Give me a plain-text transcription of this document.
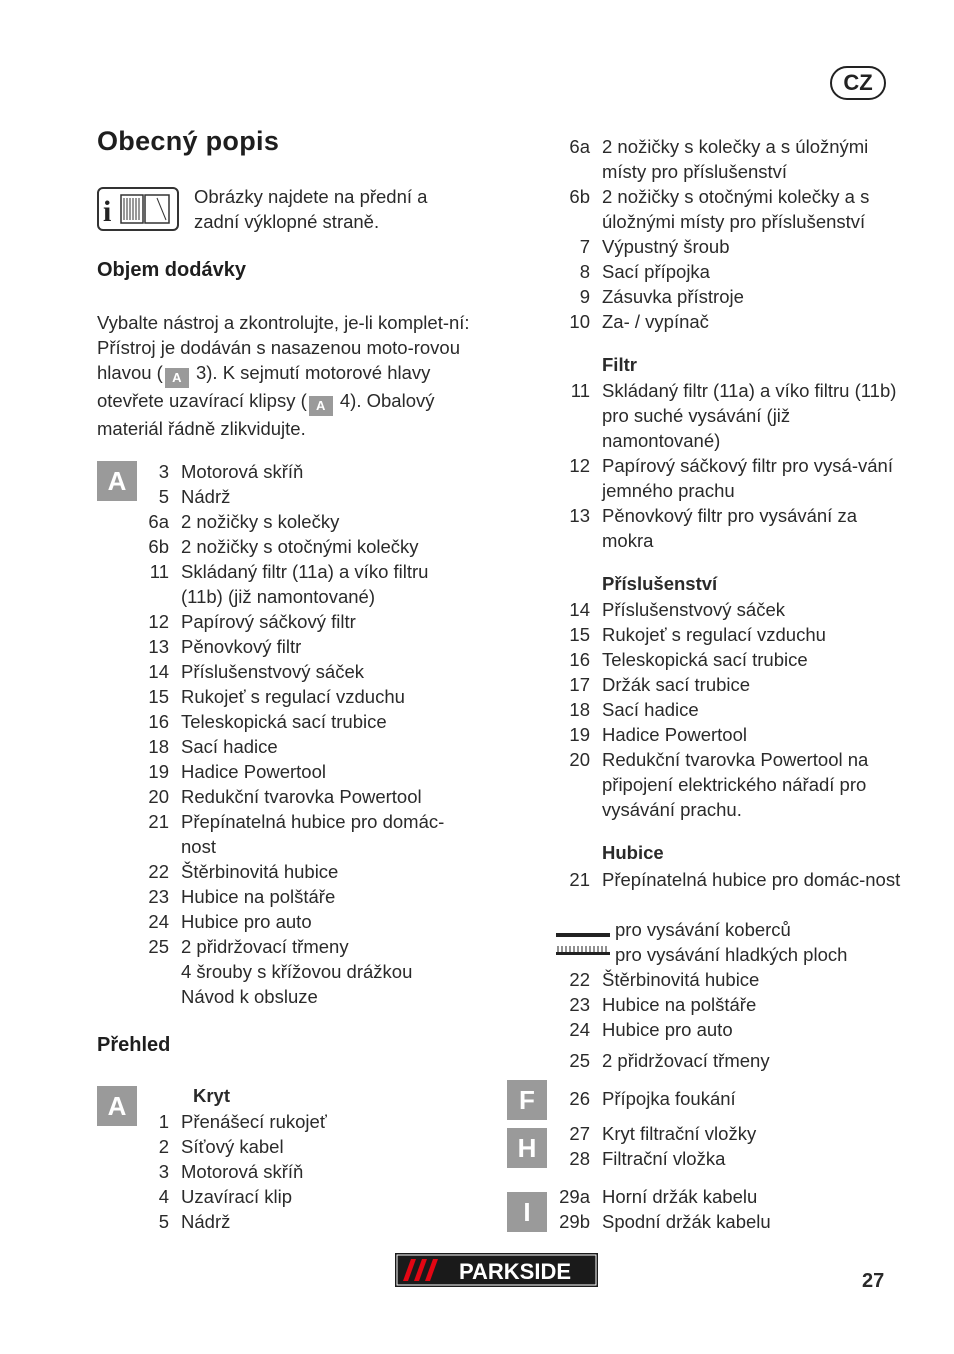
CZ
Obecný popis
i	Obrázky najdete na přední a zadní výklopné straně.
Objem dodávky
Vybalte nástroj a zkontrolujte, je-li komplet-ní: Přístroj je dodáván s nasazenou moto-rovou hlavou ( A 3). K sejmutí motorové hlavy otevřete uzavírací klipsy ( A 4). Obalový materiál řádně zlikvidujte.
A	3 Motorová skříň
5 Nádrž
6a 2 nožičky s kolečky
6b 2 nožičky s otočnými kolečky
11 Skládaný filtr (11a) a víko filtru (11b) (již namontované)
12 Papírový sáčkový filtr
13 Pěnovkový filtr
14 Příslušenstvový sáček
15 Rukojeť s regulací vzduchu
16 Teleskopická sací trubice
18 Sací hadice
19 Hadice Powertool
20 Redukční tvarovka Powertool
21 Přepínatelná hubice pro domác-nost
22 Štěrbinovitá hubice
23 Hubice na polštáře
24 Hubice pro auto
25 2 přidržovací třmeny
4 šrouby s křížovou drážkou
Návod k obsluze
Přehled
A	Kryt
1 Přenášecí rukojeť
2 Síťový kabel
3 Motorová skříň
4 Uzavírací klip
5 Nádrž
6a 2 nožičky s kolečky a s úložnými místy pro příslušenství
6b 2 nožičky s otočnými kolečky a s úložnými místy pro příslušenství
7 Výpustný šroub
8 Sací přípojka
9 Zásuvka přístroje
10 Za- / vypínač
Filtr
11 Skládaný filtr (11a) a víko filtru (11b) pro suché vysávání (již namontované)
12 Papírový sáčkový filtr pro vysá-vání jemného prachu
13 Pěnovkový filtr pro vysávání za mokra
Příslušenství
14 Příslušenstvový sáček
15 Rukojeť s regulací vzduchu
16 Teleskopická sací trubice
17 Držák sací trubice
18 Sací hadice
19 Hadice Powertool
20 Redukční tvarovka Powertool na připojení elektrického nářadí pro vysávání prachu.
Hubice
21 Přepínatelná hubice pro domác-nost
pro vysávání koberců
pro vysávání hladkých ploch
22 Štěrbinovitá hubice
23 Hubice na polštáře
24 Hubice pro auto
25 2 přidržovací třmeny
F	26 Přípojka foukání
H	27 Kryt filtrační vložky
28 Filtrační vložka
I
29a Horní držák kabelu
29b Spodní držák kabelu
PARKSIDE	27
